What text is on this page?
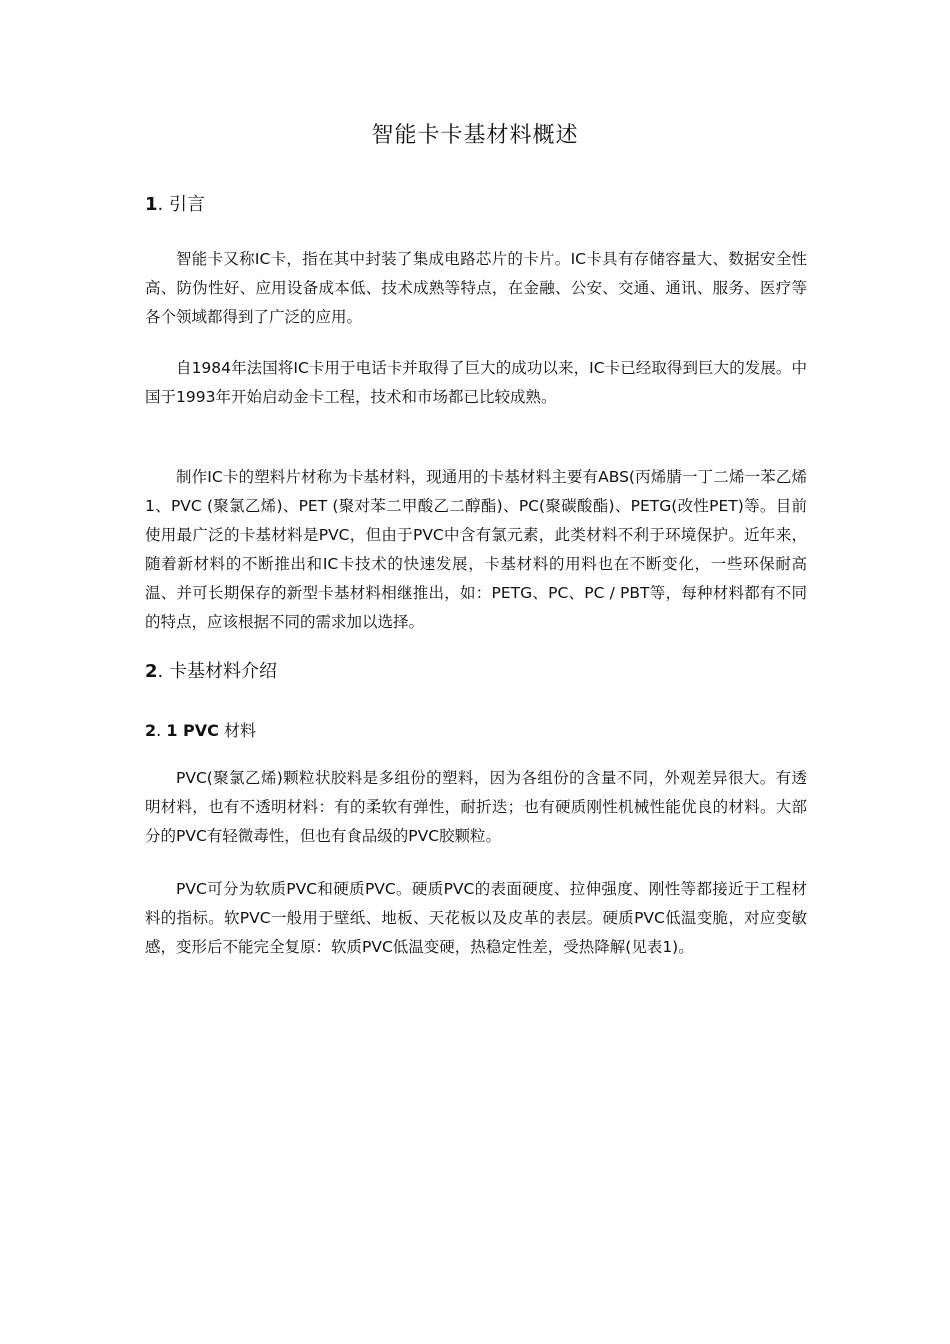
智能卡卡基材料概述
1. 引言
智能卡又称IC卡，指在其中封装了集成电路芯片的卡片。IC卡具有存储容量大、数据安全性高、防伪性好、应用设备成本低、技术成熟等特点，在金融、公安、交通、通讯、服务、医疗等各个领域都得到了广泛的应用。
自1984年法国将IC卡用于电话卡并取得了巨大的成功以来，IC卡已经取得到巨大的发展。中国于1993年开始启动金卡工程，技术和市场都已比较成熟。
制作IC卡的塑料片材称为卡基材料，现通用的卡基材料主要有ABS(丙烯腈一丁二烯一苯乙烯1、PVC (聚氯乙烯)、PET (聚对苯二甲酸乙二醇酯)、PC(聚碳酸酯)、PETG(改性PET)等。目前使用最广泛的卡基材料是PVC，但由于PVC中含有氯元素，此类材料不利于环境保护。近年来，随着新材料的不断推出和IC卡技术的快速发展，卡基材料的用料也在不断变化，一些环保耐高温、并可长期保存的新型卡基材料相继推出，如：PETG、PC、PC / PBT等，每种材料都有不同的特点，应该根据不同的需求加以选择。
2. 卡基材料介绍
2. 1 PVC 材料
PVC(聚氯乙烯)颗粒状胶料是多组份的塑料，因为各组份的含量不同，外观差异很大。有透明材料，也有不透明材料：有的柔软有弹性，耐折迭；也有硬质刚性机械性能优良的材料。大部分的PVC有轻微毒性，但也有食品级的PVC胶颗粒。
PVC可分为软质PVC和硬质PVC。硬质PVC的表面硬度、拉伸强度、刚性等都接近于工程材料的指标。软PVC一般用于壁纸、地板、天花板以及皮革的表层。硬质PVC低温变脆，对应变敏感，变形后不能完全复原：软质PVC低温变硬，热稳定性差，受热降解(见表1)。
